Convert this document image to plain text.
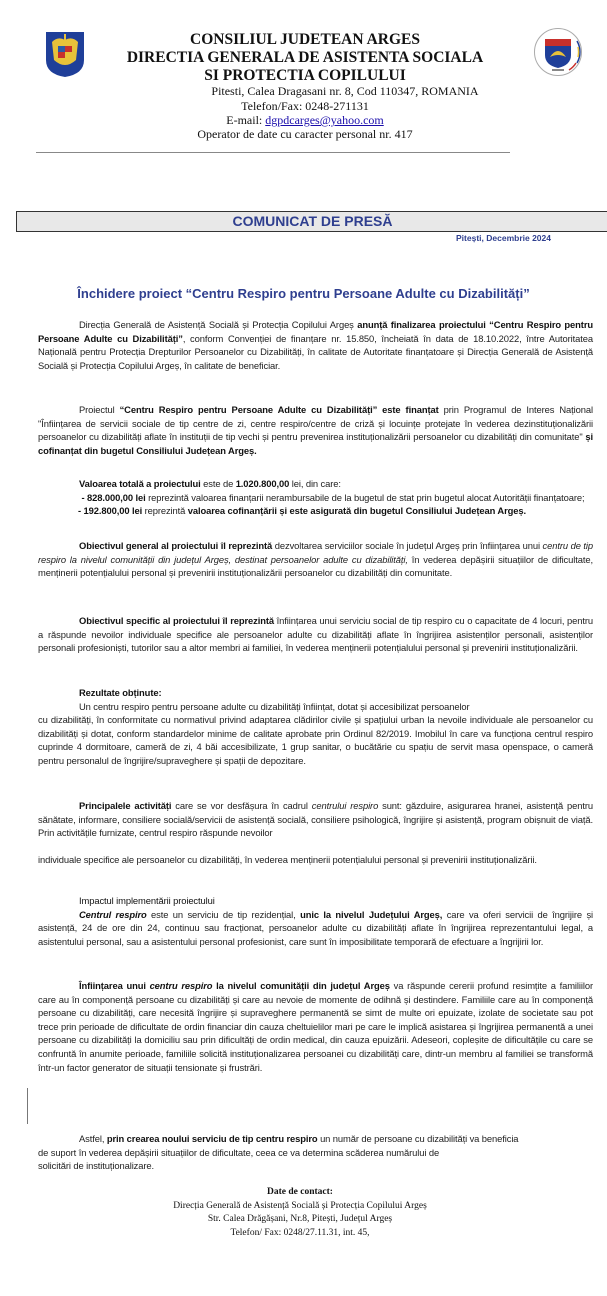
CONSILIUL JUDETEAN ARGES
DIRECTIA GENERALA DE ASISTENTA SOCIALA
SI PROTECTIA COPILULUI
Pitesti, Calea Dragasani nr. 8, Cod 110347, ROMANIA
Telefon/Fax: 0248-271131
E-mail: dgpdcarges@yahoo.com
Operator de date cu caracter personal nr. 417
COMUNICAT DE PRESĂ
Pitești, Decembrie 2024
Închidere proiect “Centru Respiro pentru Persoane Adulte cu Dizabilități”
Direcția Generală de Asistență Socială și Protecția Copilului Argeș anunță finalizarea proiectului “Centru Respiro pentru Persoane Adulte cu Dizabilități”, conform Convenției de finanțare nr. 15.850, încheiată în data de 18.10.2022, între Autoritatea Națională pentru Protecția Drepturilor Persoanelor cu Dizabilități, în calitate de Autoritate finanțatoare și Direcția Generală de Asistență Socială și Protecția Copilului Argeș, în calitate de beneficiar.
Proiectul “Centru Respiro pentru Persoane Adulte cu Dizabilități” este finanțat prin Programul de Interes Național "Înființarea de servicii sociale de tip centre de zi, centre respiro/centre de criză și locuințe protejate în vederea dezinstituționalizării persoanelor cu dizabilități aflate în instituții de tip vechi și pentru prevenirea instituționalizării persoanelor cu dizabilități din comunitate" și cofinanțat din bugetul Consiliului Județean Argeș.
Valoarea totală a proiectului este de 1.020.800,00 lei, din care:
- 828.000,00 lei reprezintă valoarea finanțarii nerambursabile de la bugetul de stat prin bugetul alocat Autorității finanțatoare;
- 192.800,00 lei reprezintă valoarea cofinanțării și este asigurată din bugetul Consiliului Județean Argeș.
Obiectivul general al proiectului îl reprezintă dezvoltarea serviciilor sociale în județul Argeș prin înființarea unui centru de tip respiro la nivelul comunității din județul Argeș, destinat persoanelor adulte cu dizabilități, în vederea depășirii situațiilor de dificultate, menținerii potențialului personal și prevenirii instituționalizării persoanelor cu dizabilități din comunitate.
Obiectivul specific al proiectului îl reprezintă înființarea unui serviciu social de tip respiro cu o capacitate de 4 locuri, pentru a răspunde nevoilor individuale specifice ale persoanelor adulte cu dizabilități aflate în îngrijirea asistenților personali, asistenților personali profesioniști, tutorilor sau a altor membri ai familiei, în vederea menținerii potențialului personal și prevenirii instituționalizării.
Rezultate obținute:
Un centru respiro pentru persoane adulte cu dizabilități înființat, dotat și accesibilizat persoanelor
cu dizabilități, în conformitate cu normativul privind adaptarea clădirilor civile și spațiului urban la nevoile individuale ale persoanelor cu dizabilități și dotat, conform standardelor minime de calitate aprobate prin Ordinul 82/2019. Imobilul în care va funcționa centrul respiro cuprinde 4 dormitoare, cameră de zi, 4 băi accesibilizate, 1 grup sanitar, o bucătărie cu spațiu de servit masa openspace, o cameră pentru personalul de îngrijire/supraveghere și spații de depozitare.
Principalele activități care se vor desfășura în cadrul centrului respiro sunt: găzduire, asigurarea hranei, asistență pentru sănătate, informare, consiliere socială/servicii de asistență socială, consiliere psihologică, îngrijire și asistență, program obișnuit de viață. Prin activitățile furnizate, centrul respiro răspunde nevoilor
individuale specifice ale persoanelor cu dizabilități, în vederea menținerii potențialului personal și prevenirii instituționalizării.
Impactul implementării proiectului
Centrul respiro este un serviciu de tip rezidențial, unic la nivelul Județului Argeș, care va oferi servicii de îngrijire și asistență, 24 de ore din 24, continuu sau fracționat, persoanelor adulte cu dizabilități aflate în îngrijirea reprezentantului legal, a asistentului personal, sau a asistentului personal profesionist, care sunt în imposibilitate temporară de efectuare a îngrijirii lor.
Înființarea unui centru respiro la nivelul comunității din județul Argeș va răspunde cererii profund resimțite a familiilor care au în componență persoane cu dizabilități și care au nevoie de momente de odihnă și destindere. Familiile care au în componență persoane cu dizabilități, care necesită îngrijire și supraveghere permanentă se simt de multe ori epuizate, izolate de societate sau pot trece prin perioade de dificultate de ordin financiar din cauza cheltuielilor mari pe care le implică asistarea și îngrijirea permanentă a unei persoane cu dizabilități la domiciliu sau prin dificultăți de ordin medical, din cauza epuizării. Adeseori, copleșite de dificultățile cu care se confruntă în anumite perioade, familiile solicită instituționalizarea persoanei cu dizabilități care, dintr-un membru al familiei se transformă într-un factor generator de situații tensionate și frustrări.
Astfel, prin crearea noului serviciu de tip centru respiro un număr de persoane cu dizabilități va beneficia
de suport în vederea depășirii situațiilor de dificultate, ceea ce va determina scăderea numărului de
solicitări de instituționalizare.
Date de contact:
Direcția Generală de Asistență Socială și Protecția Copilului Argeș
Str. Calea Drăgășani, Nr.8, Pitești, Județul Argeș
Telefon/ Fax: 0248/27.11.31, int. 45,
